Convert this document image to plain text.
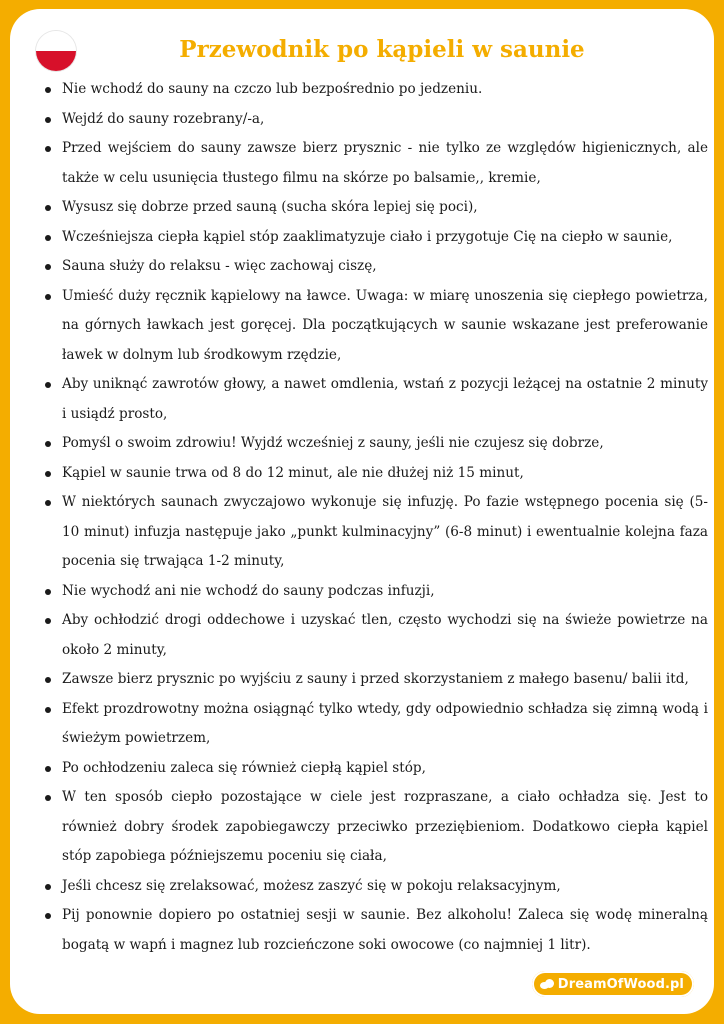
Przewodnik po kąpieli w saunie
Nie wchodź do sauny na czczo lub bezpośrednio po jedzeniu.
Wejdź do sauny rozebrany/-a,
Przed wejściem do sauny zawsze bierz prysznic - nie tylko ze względów higienicznych, ale także w celu usunięcia tłustego filmu na skórze po balsamie,, kremie,
Wysusz się dobrze przed sauną (sucha skóra lepiej się poci),
Wcześniejsza ciepła kąpiel stóp zaaklimatyzuje ciało i przygotuje Cię na ciepło w saunie,
Sauna służy do relaksu - więc zachowaj ciszę,
Umieść duży ręcznik kąpielowy na ławce. Uwaga: w miarę unoszenia się ciepłego powietrza, na górnych ławkach jest goręcej. Dla początkujących w saunie wskazane jest preferowanie ławek w dolnym lub środkowym rzędzie,
Aby uniknąć zawrotów głowy, a nawet omdlenia, wstań z pozycji leżącej na ostatnie 2 minuty i usiądź prosto,
Pomyśl o swoim zdrowiu! Wyjdź wcześniej z sauny, jeśli nie czujesz się dobrze,
Kąpiel w saunie trwa od 8 do 12 minut, ale nie dłużej niż 15 minut,
W niektórych saunach zwyczajowo wykonuje się infuzję. Po fazie wstępnego pocenia się (5-10 minut) infuzja następuje jako „punkt kulminacyjny” (6-8 minut) i ewentualnie kolejna faza pocenia się trwająca 1-2 minuty,
Nie wychodź ani nie wchodź do sauny podczas infuzji,
Aby ochłodzić drogi oddechowe i uzyskać tlen, często wychodzi się na świeże powietrze na około 2 minuty,
Zawsze bierz prysznic po wyjściu z sauny i przed skorzystaniem z małego basenu/ balii itd,
Efekt prozdrowotny można osiągnąć tylko wtedy, gdy odpowiednio schładza się zimną wodą i świeżym powietrzem,
Po ochłodzeniu zaleca się również ciepłą kąpiel stóp,
W ten sposób ciepło pozostające w ciele jest rozpraszane, a ciało ochładza się. Jest to również dobry środek zapobiegawczy przeciwko przeziębieniom. Dodatkowo ciepła kąpiel stóp zapobiega późniejszemu poceniu się ciała,
Jeśli chcesz się zrelaksować, możesz zaszyć się w pokoju relaksacyjnym,
Pij ponownie dopiero po ostatniej sesji w saunie. Bez alkoholu! Zaleca się wodę mineralną bogatą w wapń i magnez lub rozcieńczone soki owocowe (co najmniej 1 litr).
DreamOfWood.pl
